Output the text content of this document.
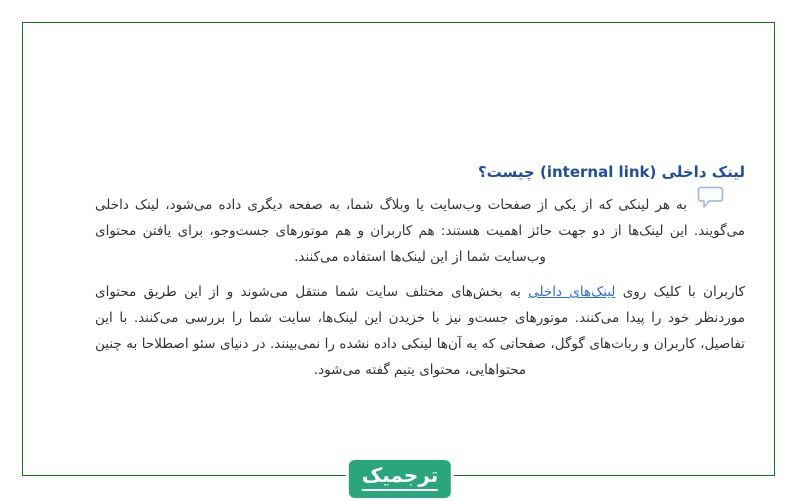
لینک داخلی (internal link) چیست؟

به هر لینکی که از یکی از صفحات وب‌سایت یا وبلاگ شما، به صفحه دیگری داده می‌شود، لینک داخلی می‌گویند. این لینک‌ها از دو جهت حائز اهمیت هستند: هم کاربران و هم موتورهای جست‌وجو، برای یافتن محتوای وب‌سایت شما از این لینک‌ها استفاده می‌کنند.

کاربران با کلیک روی لینک‌های داخلی به بخش‌های مختلف سایت شما منتقل می‌شوند و از این طریق محتوای موردنظر خود را پیدا می‌کنند. موتورهای جست‌و نیز با خزیدن این لینک‌ها، سایت شما را بررسی می‌کنند. با این تفاصیل، کاربران و ربات‌های گوگل، صفحاتی که به آن‌ها لینکی داده نشده را نمی‌بینند. در دنیای سئو اصطلاحا به چنین محتواهایی، محتوای یتیم گفته می‌شود.

ترجمیک
